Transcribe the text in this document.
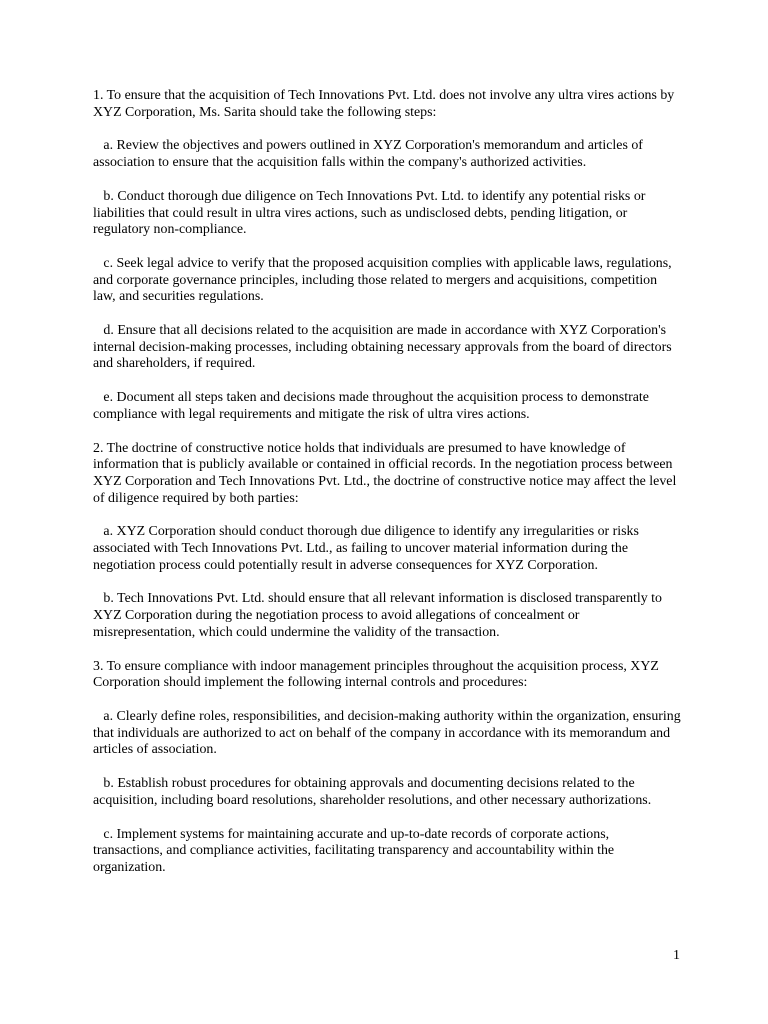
1. To ensure that the acquisition of Tech Innovations Pvt. Ltd. does not involve any ultra vires actions by XYZ Corporation, Ms. Sarita should take the following steps:

a. Review the objectives and powers outlined in XYZ Corporation's memorandum and articles of association to ensure that the acquisition falls within the company's authorized activities.

b. Conduct thorough due diligence on Tech Innovations Pvt. Ltd. to identify any potential risks or liabilities that could result in ultra vires actions, such as undisclosed debts, pending litigation, or regulatory non-compliance.

c. Seek legal advice to verify that the proposed acquisition complies with applicable laws, regulations, and corporate governance principles, including those related to mergers and acquisitions, competition law, and securities regulations.

d. Ensure that all decisions related to the acquisition are made in accordance with XYZ Corporation's internal decision-making processes, including obtaining necessary approvals from the board of directors and shareholders, if required.

e. Document all steps taken and decisions made throughout the acquisition process to demonstrate compliance with legal requirements and mitigate the risk of ultra vires actions.

2. The doctrine of constructive notice holds that individuals are presumed to have knowledge of information that is publicly available or contained in official records. In the negotiation process between XYZ Corporation and Tech Innovations Pvt. Ltd., the doctrine of constructive notice may affect the level of diligence required by both parties:

a. XYZ Corporation should conduct thorough due diligence to identify any irregularities or risks associated with Tech Innovations Pvt. Ltd., as failing to uncover material information during the negotiation process could potentially result in adverse consequences for XYZ Corporation.

b. Tech Innovations Pvt. Ltd. should ensure that all relevant information is disclosed transparently to XYZ Corporation during the negotiation process to avoid allegations of concealment or misrepresentation, which could undermine the validity of the transaction.

3. To ensure compliance with indoor management principles throughout the acquisition process, XYZ Corporation should implement the following internal controls and procedures:

a. Clearly define roles, responsibilities, and decision-making authority within the organization, ensuring that individuals are authorized to act on behalf of the company in accordance with its memorandum and articles of association.

b. Establish robust procedures for obtaining approvals and documenting decisions related to the acquisition, including board resolutions, shareholder resolutions, and other necessary authorizations.

c. Implement systems for maintaining accurate and up-to-date records of corporate actions, transactions, and compliance activities, facilitating transparency and accountability within the organization.

1
